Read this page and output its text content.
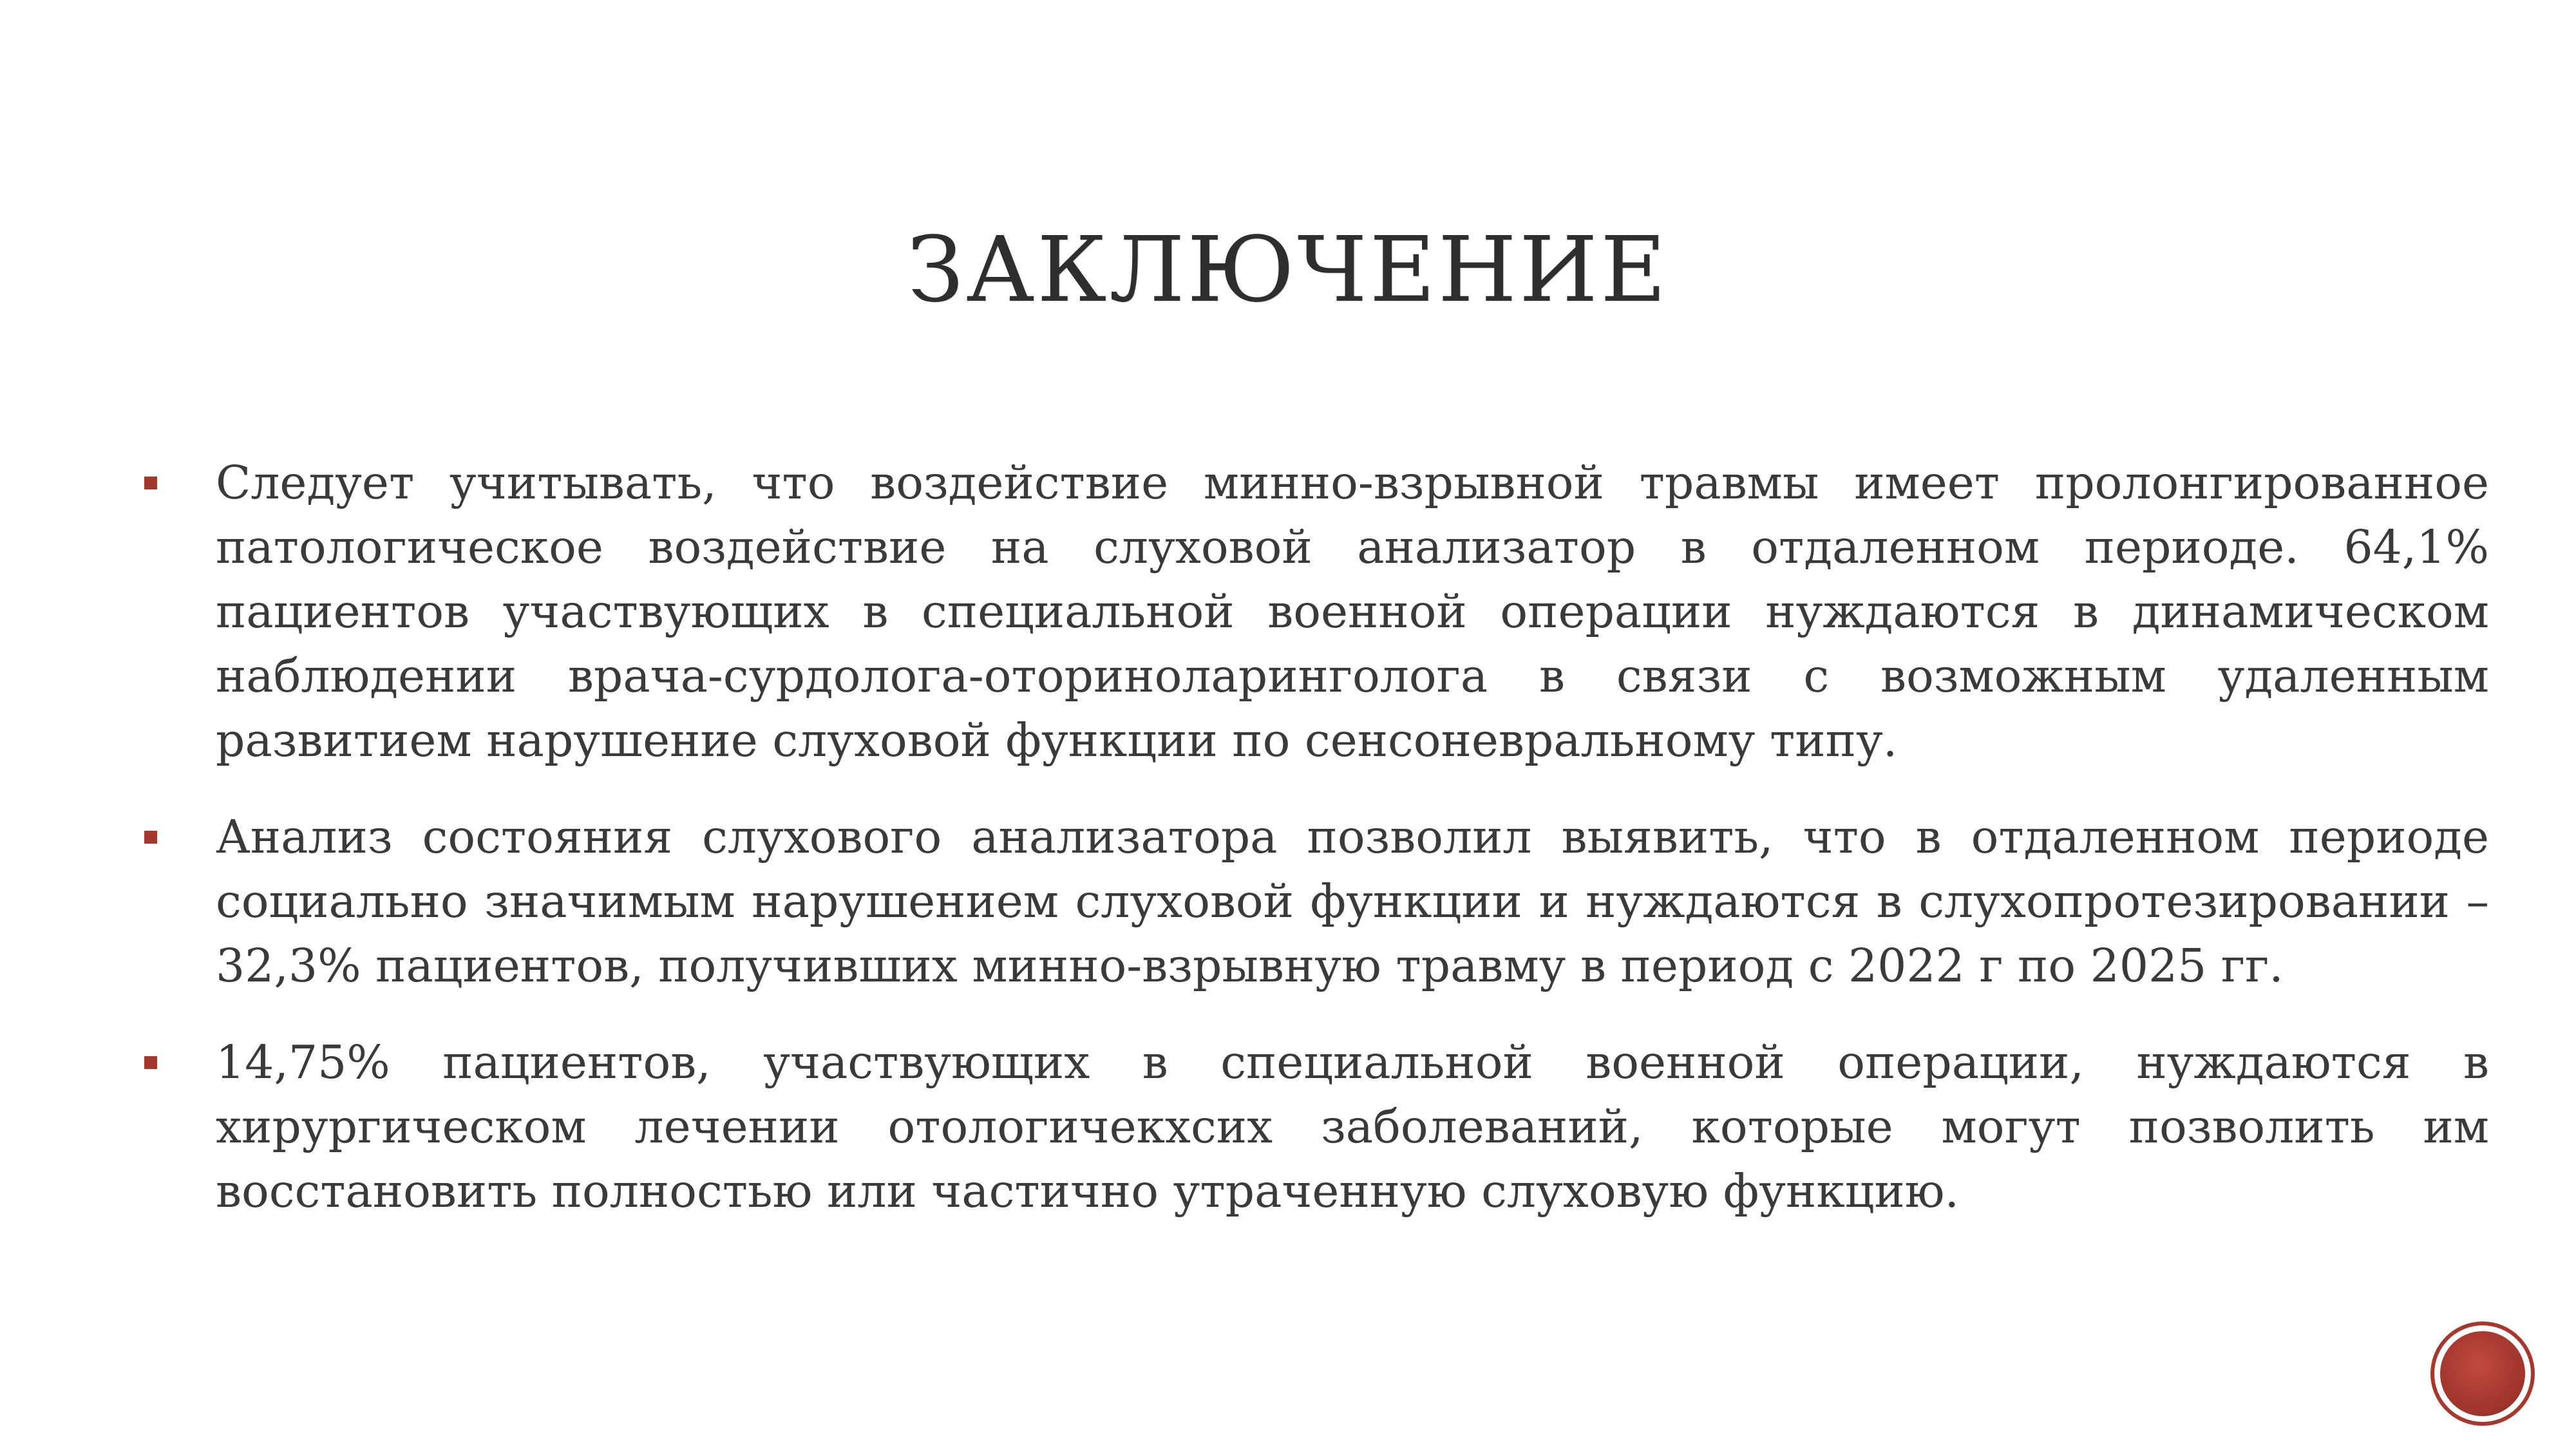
ЗАКЛЮЧЕНИЕ
Следует учитывать, что воздействие минно-взрывной травмы имеет пролонгированное патологическое воздействие на слуховой анализатор в отдаленном периоде. 64,1% пациентов участвующих в специальной военной операции нуждаются в динамическом наблюдении врача-сурдолога-оториноларинголога в связи с возможным удаленным развитием нарушение слуховой функции по сенсоневральному типу.
Анализ состояния слухового анализатора позволил выявить, что в отдаленном периоде социально значимым нарушением слуховой функции и нуждаются в слухопротезировании – 32,3% пациентов, получивших минно-взрывную травму в период с 2022 г по 2025 гг.
14,75% пациентов, участвующих в специальной военной операции, нуждаются в хирургическом лечении отологичекхсих заболеваний, которые могут позволить им восстановить полностью или частично утраченную слуховую функцию.
